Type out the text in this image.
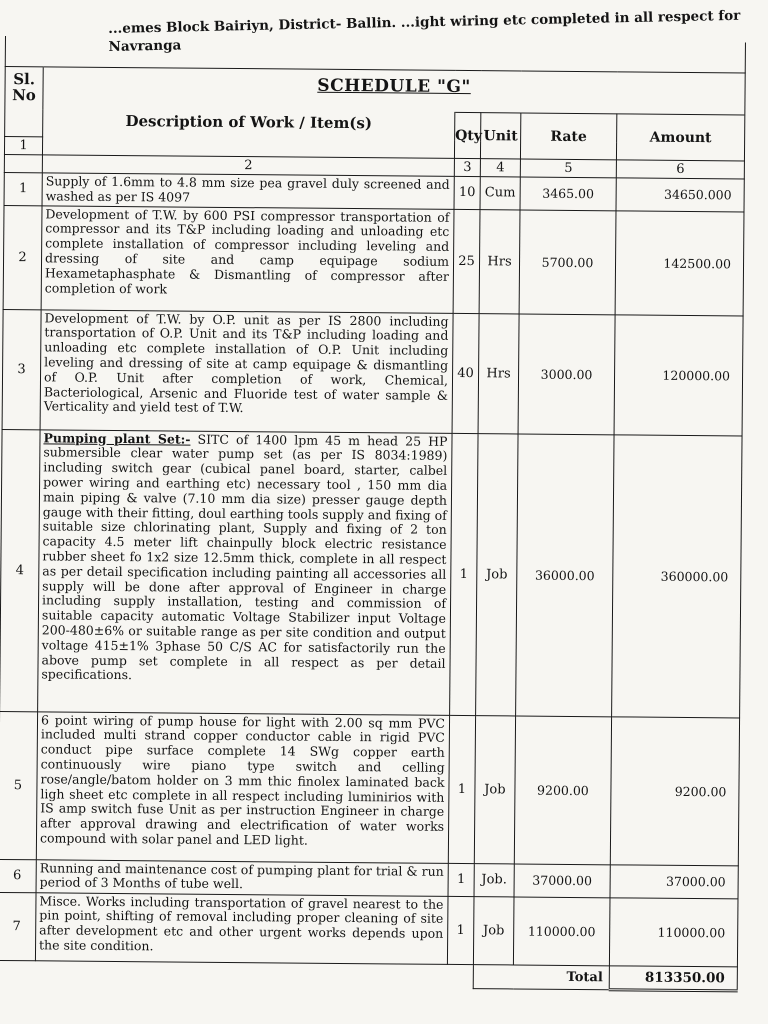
...emes Block Bairiyn, District- Ballin. ...ight wiring etc completed in all respect for Navranga

Sl. No	SCHEDULE "G"				

	Description of Work / Item(s)	Qty	Unit	Rate	Amount
1					
	2	3	4	5	6
1	Supply of 1.6mm to 4.8 mm size pea gravel duly screened and washed as per IS 4097	10	Cum	3465.00	34650.000
2	Development of T.W. by 600 PSI compressor transportation of compressor and its T&P including loading and unloading etc complete installation of compressor including leveling and dressing of site and camp equipage sodium Hexametaphasphate & Dismantling of compressor after completion of work	25	Hrs	5700.00	142500.00
3	Development of T.W. by O.P. unit as per IS 2800 including transportation of O.P. Unit and its T&P including loading and unloading etc complete installation of O.P. Unit including leveling and dressing of site at camp equipage & dismantling of O.P. Unit after completion of work, Chemical, Bacteriological, Arsenic and Fluoride test of water sample & Verticality and yield test of T.W.	40	Hrs	3000.00	120000.00
4	Pumping plant Set:- SITC of 1400 lpm 45 m head 25 HP submersible clear water pump set (as per IS 8034:1989) including switch gear (cubical panel board, starter, calbel power wiring and earthing etc) necessary tool , 150 mm dia main piping & valve (7.10 mm dia size) presser gauge depth gauge with their fitting, doul earthing tools supply and fixing of suitable size chlorinating plant, Supply and fixing of 2 ton capacity 4.5 meter lift chainpully block electric resistance rubber sheet fo 1x2 size 12.5mm thick, complete in all respect as per detail specification including painting all accessories all supply will be done after approval of Engineer in charge including supply installation, testing and commission of suitable capacity automatic Voltage Stabilizer input Voltage 200-480±6% or suitable range as per site condition and output voltage 415±1% 3phase 50 C/S AC for satisfactorily run the above pump set complete in all respect as per detail specifications.	1	Job	36000.00	360000.00
5	6 point wiring of pump house for light with 2.00 sq mm PVC included multi strand copper conductor cable in rigid PVC conduct pipe surface complete 14 SWg copper earth continuously wire piano type switch and celling rose/angle/batom holder on 3 mm thic finolex laminated back ligh sheet etc complete in all respect including luminirios with IS amp switch fuse Unit as per instruction Engineer in charge after approval drawing and electrification of water works compound with solar panel and LED light.	1	Job	9200.00	9200.00
6	Running and maintenance cost of pumping plant for trial & run period of 3 Months of tube well.	1	Job.	37000.00	37000.00
7	Misce. Works including transportation of gravel nearest to the pin point, shifting of removal including proper cleaning of site after development etc and other urgent works depends upon the site condition.	1	Job	110000.00	110000.00
			Total		813350.00
